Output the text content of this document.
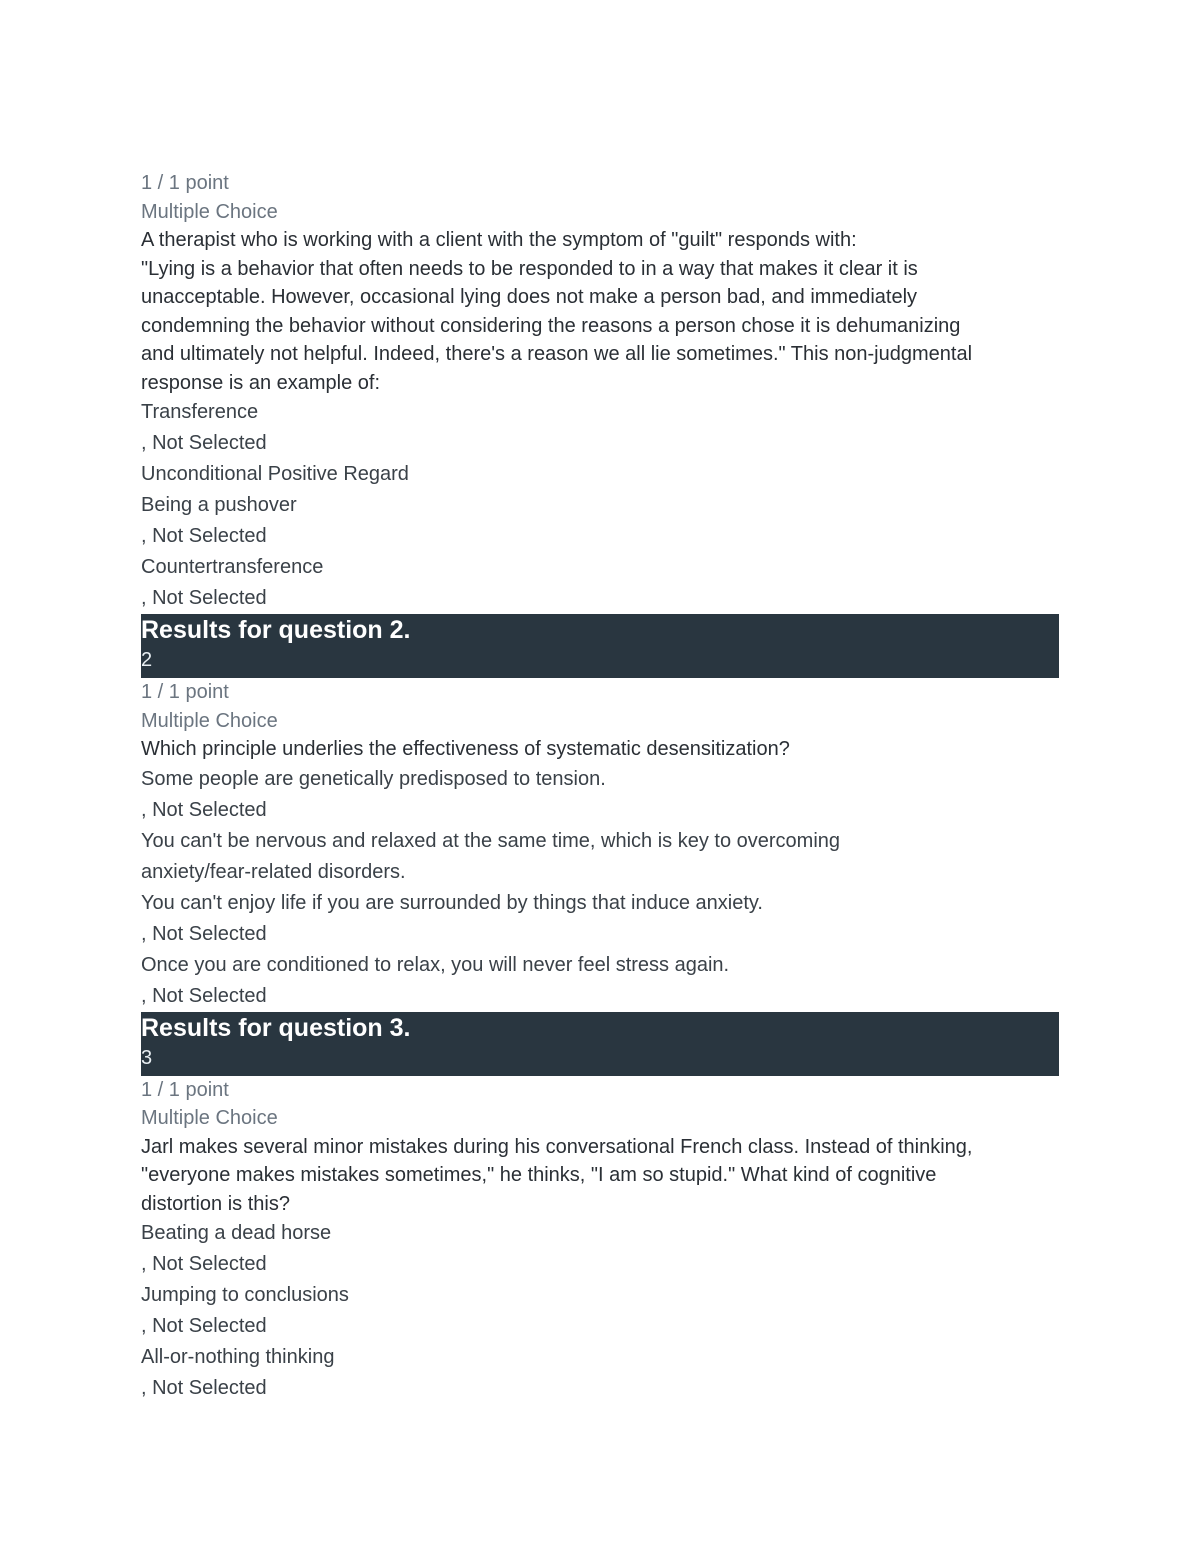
1 / 1 point
Multiple Choice
A therapist who is working with a client with the symptom of "guilt" responds with:
"Lying is a behavior that often needs to be responded to in a way that makes it clear it is
unacceptable. However, occasional lying does not make a person bad, and immediately
condemning the behavior without considering the reasons a person chose it is dehumanizing
and ultimately not helpful. Indeed, there's a reason we all lie sometimes." This non-judgmental
response is an example of:
Transference
, Not Selected
Unconditional Positive Regard
Being a pushover
, Not Selected
Countertransference
, Not Selected
Results for question 2.
2
1 / 1 point
Multiple Choice
Which principle underlies the effectiveness of systematic desensitization?
Some people are genetically predisposed to tension.
, Not Selected
You can't be nervous and relaxed at the same time, which is key to overcoming
anxiety/fear-related disorders.
You can't enjoy life if you are surrounded by things that induce anxiety.
, Not Selected
Once you are conditioned to relax, you will never feel stress again.
, Not Selected
Results for question 3.
3
1 / 1 point
Multiple Choice
Jarl makes several minor mistakes during his conversational French class. Instead of thinking,
"everyone makes mistakes sometimes," he thinks, "I am so stupid." What kind of cognitive
distortion is this?
Beating a dead horse
, Not Selected
Jumping to conclusions
, Not Selected
All-or-nothing thinking
, Not Selected
